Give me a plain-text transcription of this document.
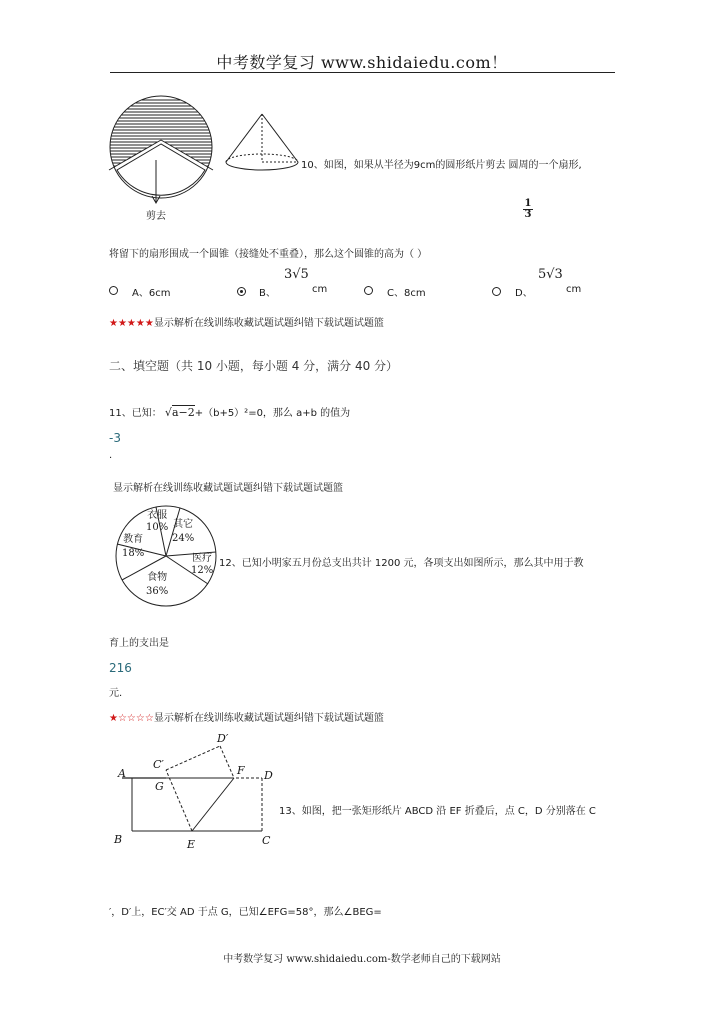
中考数学复习 www.shidaiedu.com！
剪去
10、如图，如果从半径为9cm的圆形纸片剪去 圆周的一个扇形,
$\frac{1}{3}$
将留下的扇形围成一个圆锥（接缝处不重叠），那么这个圆锥的高为（ ）
A、6cm	B、
3√5
cm	C、8cm	D、
5√3
cm
★★★★★显示解析在线训练收藏试题试题纠错下载试题试题篮
二、填空题（共 10 小题，每小题 4 分，满分 40 分）
11、已知： √a−2+（b+5）²=0，那么 a+b 的值为
-3
.
显示解析在线训练收藏试题试题纠错下载试题试题篮
衣服
10% 其它
24%
医疗
12%
食物
36%
教育
18%
12、已知小明家五月份总支出共计 1200 元，各项支出如图所示，那么其中用于教
育上的支出是
216
元.
★☆☆☆☆显示解析在线训练收藏试题试题纠错下载试题试题篮
A
B	C
D
E
F
G
C′
D′
13、如图，把一张矩形纸片 ABCD 沿 EF 折叠后，点 C，D 分别落在 C
′，D′上，EC′交 AD 于点 G，已知∠EFG=58°，那么∠BEG=
中考数学复习 www.shidaiedu.com-数学老师自己的下载网站
